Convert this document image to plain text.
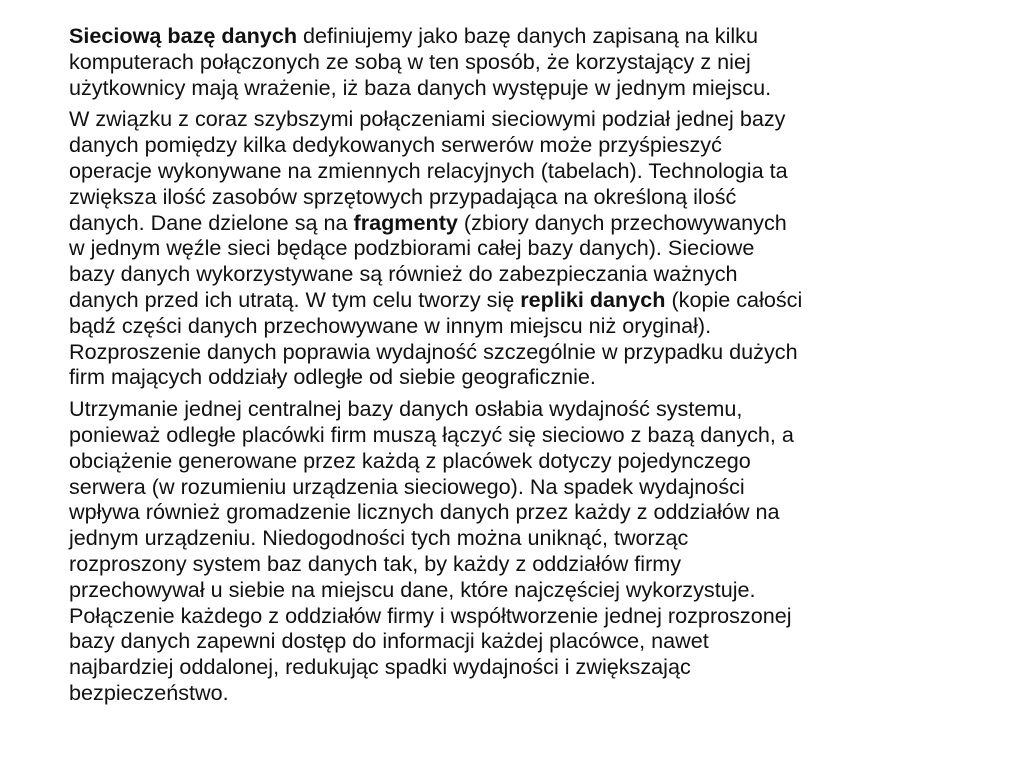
Sieciową bazę danych definiujemy jako bazę danych zapisaną na kilku
komputerach połączonych ze sobą w ten sposób, że korzystający z niej
użytkownicy mają wrażenie, iż baza danych występuje w jednym miejscu.

W związku z coraz szybszymi połączeniami sieciowymi podział jednej bazy
danych pomiędzy kilka dedykowanych serwerów może przyśpieszyć
operacje wykonywane na zmiennych relacyjnych (tabelach). Technologia ta
zwiększa ilość zasobów sprzętowych przypadająca na określoną ilość
danych. Dane dzielone są na fragmenty (zbiory danych przechowywanych
w jednym węźle sieci będące podzbiorami całej bazy danych). Sieciowe
bazy danych wykorzystywane są również do zabezpieczania ważnych
danych przed ich utratą. W tym celu tworzy się repliki danych (kopie całości
bądź części danych przechowywane w innym miejscu niż oryginał).
Rozproszenie danych poprawia wydajność szczególnie w przypadku dużych
firm mających oddziały odległe od siebie geograficznie.

Utrzymanie jednej centralnej bazy danych osłabia wydajność systemu,
ponieważ odległe placówki firm muszą łączyć się sieciowo z bazą danych, a
obciążenie generowane przez każdą z placówek dotyczy pojedynczego
serwera (w rozumieniu urządzenia sieciowego). Na spadek wydajności
wpływa również gromadzenie licznych danych przez każdy z oddziałów na
jednym urządzeniu. Niedogodności tych można uniknąć, tworząc
rozproszony system baz danych tak, by każdy z oddziałów firmy
przechowywał u siebie na miejscu dane, które najczęściej wykorzystuje.
Połączenie każdego z oddziałów firmy i współtworzenie jednej rozproszonej
bazy danych zapewni dostęp do informacji każdej placówce, nawet
najbardziej oddalonej, redukując spadki wydajności i zwiększając
bezpieczeństwo.
